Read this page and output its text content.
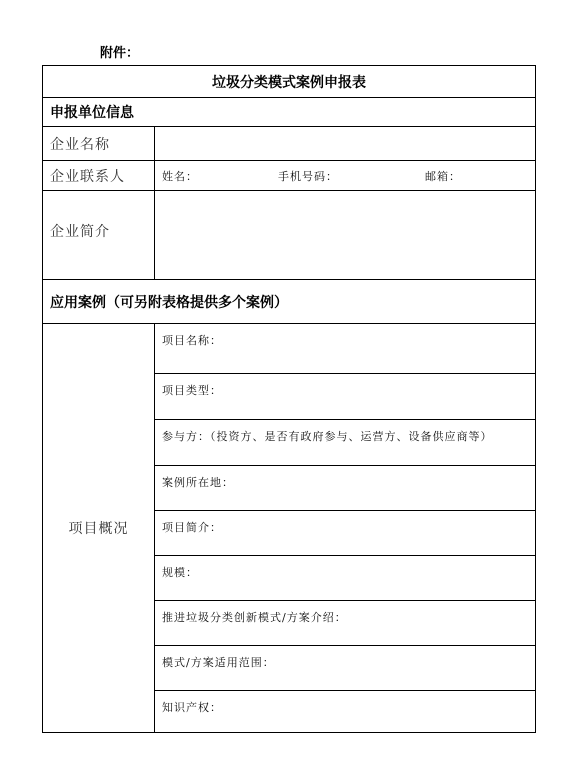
附件：
垃圾分类模式案例申报表
申报单位信息
企业名称
企业联系人	姓名：	手机号码：	邮箱：
企业简介
应用案例（可另附表格提供多个案例）
项目概况
项目名称：
项目类型：
参与方：（投资方、是否有政府参与、运营方、设备供应商等）
案例所在地：
项目简介：
规模：
推进垃圾分类创新模式/方案介绍：
模式/方案适用范围：
知识产权：
